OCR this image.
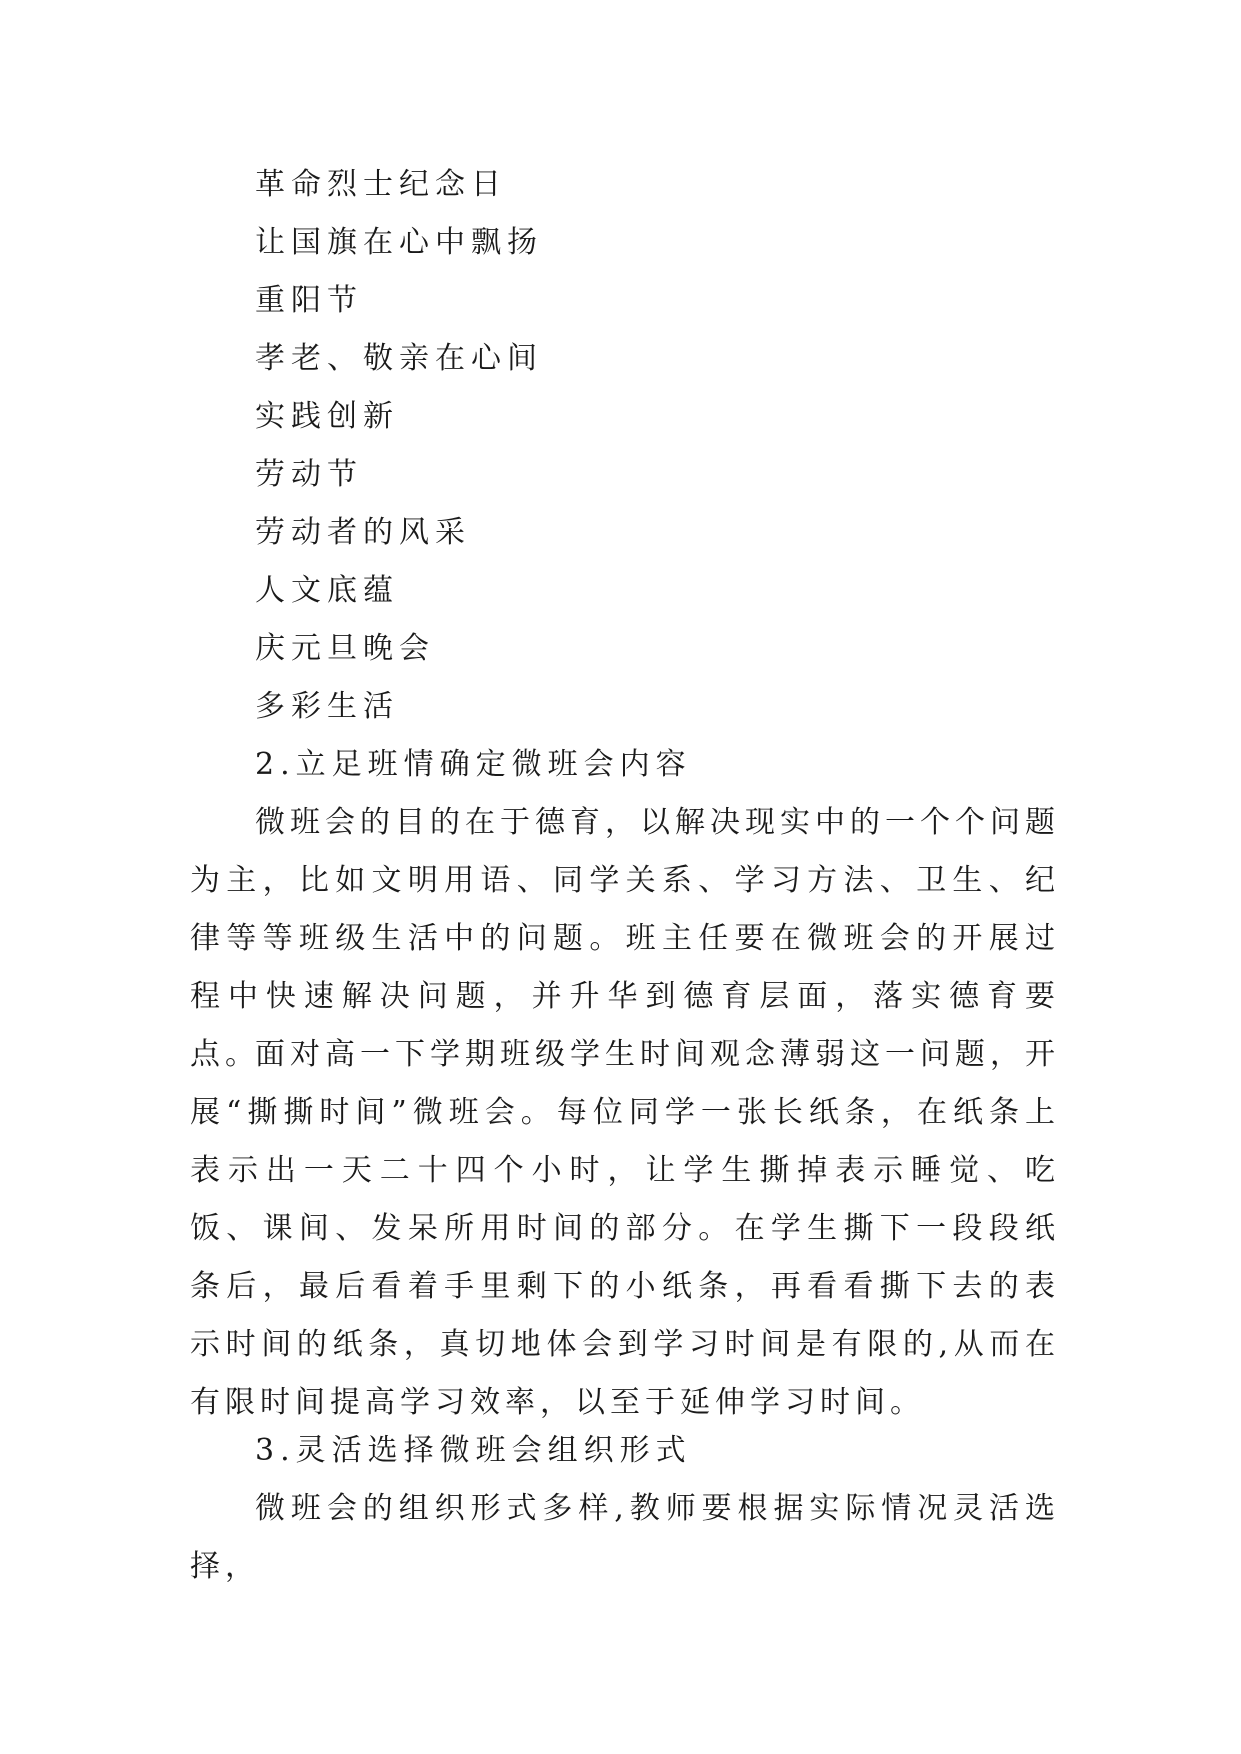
革命烈士纪念日

让国旗在心中飘扬

重阳节

孝老、敬亲在心间

实践创新

劳动节

劳动者的风采

人文底蕴

庆元旦晚会

多彩生活

2.立足班情确定微班会内容

微班会的目的在于德育，以解决现实中的一个个问题为主，比如文明用语、同学关系、学习方法、卫生、纪律等等班级生活中的问题。班主任要在微班会的开展过程中快速解决问题，并升华到德育层面，落实德育要点。

面对高一下学期班级学生时间观念薄弱这一问题，开展“撕撕时间”微班会。每位同学一张长纸条，在纸条上表示出一天二十四个小时，让学生撕掉表示睡觉、吃饭、课间、发呆所用时间的部分。在学生撕下一段段纸条后，最后看着手里剩下的小纸条，再看看撕下去的表示时间的纸条，真切地体会到学习时间是有限的,从而在有限时间提高学习效率，以至于延伸学习时间。

3.灵活选择微班会组织形式

微班会的组织形式多样,教师要根据实际情况灵活选择，
